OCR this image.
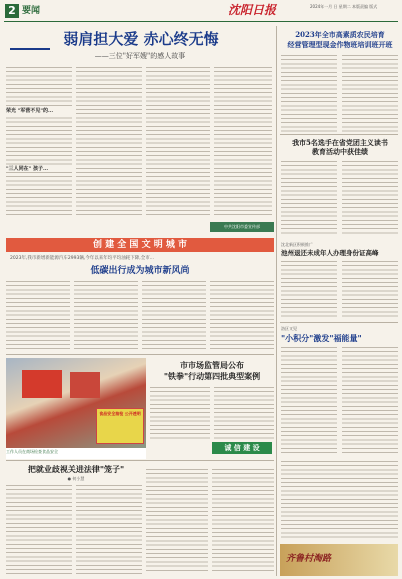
2 要闻	沈阳日报	2024年一月 日 星期二 本版责编 版式
弱肩担大爱 赤心终无悔
——三位"好军嫂"的感人故事
荣光 "军营不见"的...
"三人同在" 孩子...
2023年全市高素质农民培育
经营管理型现金作物班培训班开班
我市5名选手在省党团主义读书
教育活动中获佳绩
中共沈阳市委宣传部
创 建 全 国 文 明 城 市
2023年,我市新增新能源汽车2993辆,今年以来年均平均油耗下降,全市...
低碳出行成为城市新风尚
沈北新区积极推广
池州退还未成年人办理身份证高峰
洛区又见
"小积分"激发"福能量"
工作人员在商场检查食品安全
市市场监管局公布
"铁拳"行动第四批典型案例
诚 信 建 设
食品安全抽检 公开透明
把就业歧视关进法律"笼子"
● 何小慧
齐鲁村淘路
